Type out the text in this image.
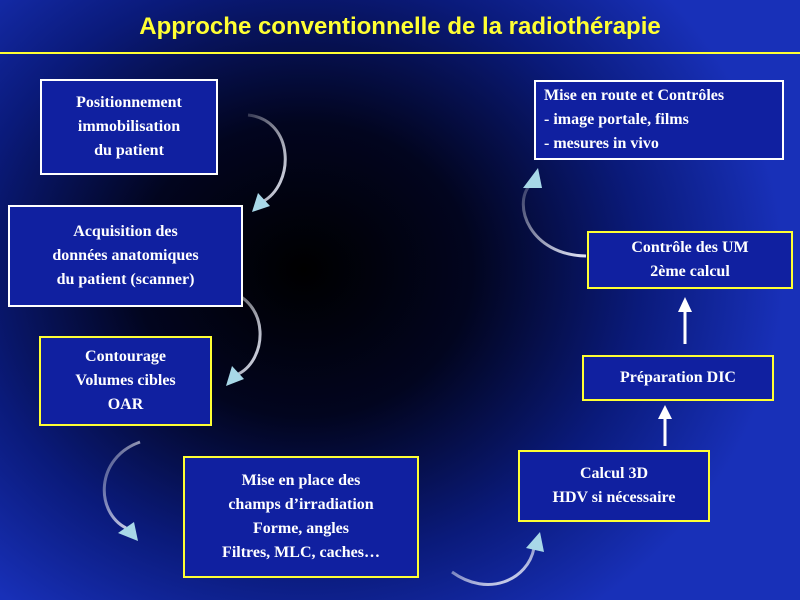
Approche conventionnelle de la radiothérapie
Positionnement
immobilisation
du patient
Acquisition des
données anatomiques
du patient (scanner)
Contourage
Volumes cibles
OAR
Mise en place des
champs d’irradiation
Forme, angles
Filtres, MLC, caches…
Calcul 3D
HDV si nécessaire
Préparation DIC
Contrôle des UM
2ème calcul
Mise en route et Contrôles
- image portale, films
- mesures in vivo
